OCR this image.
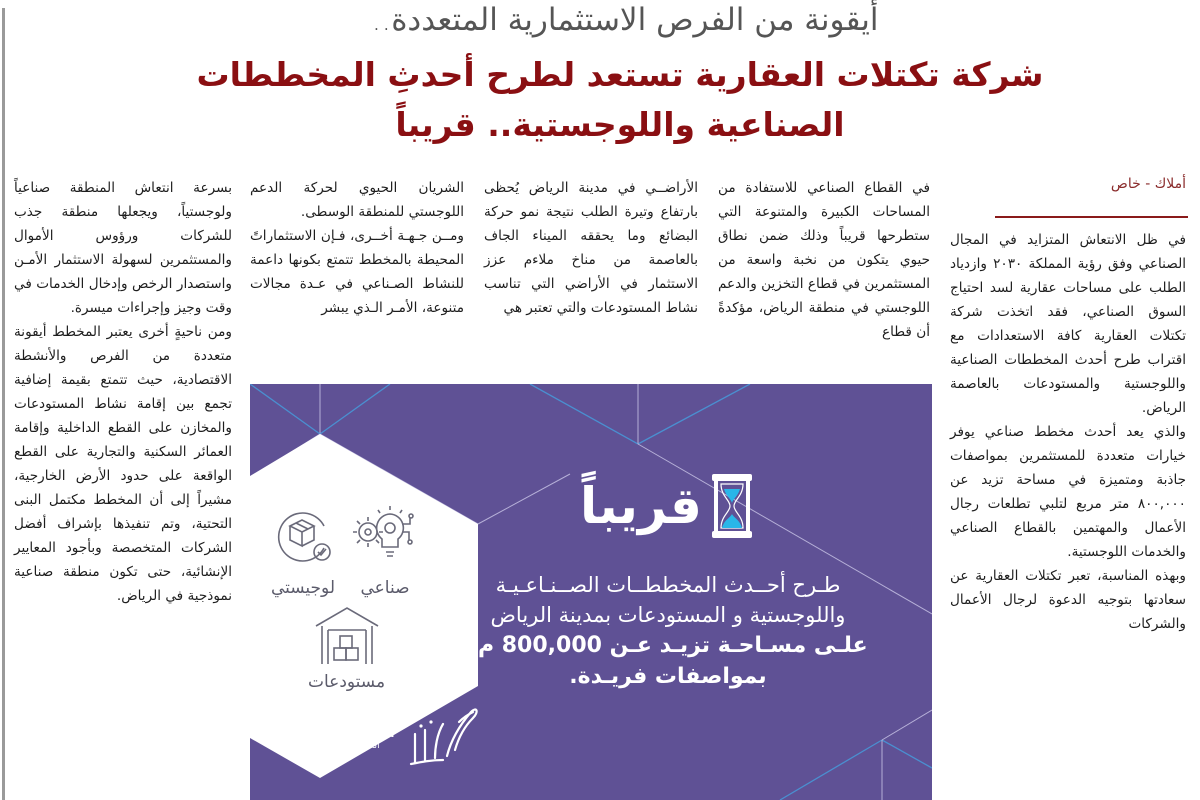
أيقونة من الفرص الاستثمارية المتعددة..
شركة تكتلات العقارية تستعد لطرح أحدثِ المخططات
الصناعية واللوجستية.. قريباً
أملاك - خاص

في ظل الانتعاش المتزايد في المجال الصناعي وفق رؤية المملكة ٢٠٣٠ وازدياد الطلب على مساحات عقارية لسد احتياج السوق الصناعي، فقد اتخذت شركة تكتلات العقارية كافة الاستعدادات مع اقتراب طرح أحدث المخططات الصناعية واللوجستية والمستودعات بالعاصمة الرياض.

والذي يعد أحدث مخطط صناعي يوفر خيارات متعددة للمستثمرين بمواصفات جاذبة ومتميزة في مساحة تزيد عن ٨٠٠,٠٠٠ متر مربع لتلبي تطلعات رجال الأعمال والمهتمين بالقطاع الصناعي والخدمات اللوجستية.

وبهذه المناسبة، تعبر تكتلات العقارية عن سعادتها بتوجيه الدعوة لرجال الأعمال والشركات

في القطاع الصناعي للاستفادة من المساحات الكبيرة والمتنوعة التي ستطرحها قريباً وذلك ضمن نطاق حيوي يتكون من نخبة واسعة من المستثمرين في قطاع التخزين والدعم اللوجستي في منطقة الرياض، مؤكدةً أن قطاع

الأراضــي في مدينة الرياض يُحظى بارتفاع وتيرة الطلب نتيجة نمو حركة البضائع وما يحققه الميناء الجاف بالعاصمة من مناخ ملاءم عزز الاستثمار في الأراضي التي تناسب نشاط المستودعات والتي تعتبر هي

الشريان الحيوي لحركة الدعم اللوجستي للمنطقة الوسطى.

ومــن جـهـة أخــرى، فـإن الاستثماراتً المحيطة بالمخطط تتمتع بكونها داعمة للنشاط الصـناعي في عـدة مجالات متنوعة، الأمـر الـذي يبشر

بسرعة انتعاش المنطقة صناعياً ولوجستياً، ويجعلها منطقة جذب للشركات ورؤوس الأموال والمستثمرين لسهولة الاستثمار الأمـن واستصدار الرخص وإدخال الخدمات في وقت وجيز وإجراءات ميسرة.

ومن ناحيةٍ أخرى يعتبر المخطط أيقونة متعددة من الفرص والأنشطة الاقتصادية، حيث تتمتع بقيمة إضافية تجمع بين إقامة نشاط المستودعات والمخازن على القطع الداخلية وإقامة العمائر السكنية والتجارية على القطع الواقعة على حدود الأرض الخارجية، مشيراً إلى أن المخطط مكتمل البنى التحتية، وتم تنفيذها بإشراف أفضل الشركات المتخصصة وبأجود المعايير الإنشائية، حتى تكون منطقة صناعية نموذجية في الرياض.	صناعي
لوجيستي
مستودعات
قريباً
طـرح أحــدث المخططــات الصــنـاعـيـة
واللوجستية و المستودعات بمدينة الرياض
علـى مسـاحـة تزيـد عـن 800,000 م²
بمواصفات فريـدة.
TAKATTULAT
Real Estate العقارية
